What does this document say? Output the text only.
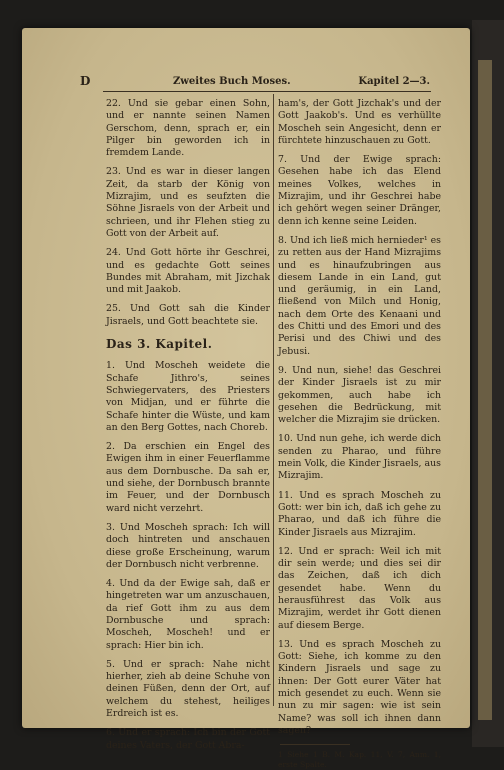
D	Zweites Buch Moses.	Kapitel 2—3.

22. Und sie gebar einen Sohn, und er nannte seinen Namen Gerschom, denn, sprach er, ein Pilger bin geworden ich in fremdem Lande.

23. Und es war in dieser langen Zeit, da starb der König von Mizrajim, und es seufzten die Söhne Jisraels von der Arbeit und schrieen, und ihr Flehen stieg zu Gott von der Arbeit auf.

24. Und Gott hörte ihr Geschrei, und es gedachte Gott seines Bundes mit Abraham, mit Jizchak und mit Jaakob.

25. Und Gott sah die Kinder Jisraels, und Gott beachtete sie.

Das 3. Kapitel.

1. Und Moscheh weidete die Schafe Jithro's, seines Schwiegervaters, des Priesters von Midjan, und er führte die Schafe hinter die Wüste, und kam an den Berg Gottes, nach Choreb.

2. Da erschien ein Engel des Ewigen ihm in einer Feuerflamme aus dem Dornbusche. Da sah er, und siehe, der Dornbusch brannte im Feuer, und der Dornbusch ward nicht verzehrt.

3. Und Moscheh sprach: Ich will doch hintreten und anschauen diese große Erscheinung, warum der Dornbusch nicht verbrenne.

4. Und da der Ewige sah, daß er hingetreten war um anzuschauen, da rief Gott ihm zu aus dem Dornbusche und sprach: Moscheh, Moscheh! und er sprach: Hier bin ich.

5. Und er sprach: Nahe nicht hierher, zieh ab deine Schuhe von deinen Füßen, denn der Ort, auf welchem du stehest, heiliges Erdreich ist es.

6. Und er sprach: Ich bin der Gott deines Vaters, der Gott Abra-

ham's, der Gott Jizchak's und der Gott Jaakob's. Und es verhüllte Moscheh sein Angesicht, denn er fürchtete hinzuschauen zu Gott.

7. Und der Ewige sprach: Gesehen habe ich das Elend meines Volkes, welches in Mizrajim, und ihr Geschrei habe ich gehört wegen seiner Dränger, denn ich kenne seine Leiden.

8. Und ich ließ mich hernieder¹ es zu retten aus der Hand Mizrajims und es hinaufzubringen aus diesem Lande in ein Land, gut und geräumig, in ein Land, fließend von Milch und Honig, nach dem Orte des Kenaani und des Chitti und des Emori und des Perisi und des Chiwi und des Jebusi.

9. Und nun, siehe! das Geschrei der Kinder Jisraels ist zu mir gekommen, auch habe ich gesehen die Bedrückung, mit welcher die Mizrajim sie drücken.

10. Und nun gehe, ich werde dich senden zu Pharao, und führe mein Volk, die Kinder Jisraels, aus Mizrajim.

11. Und es sprach Moscheh zu Gott: wer bin ich, daß ich gehe zu Pharao, und daß ich führe die Kinder Jisraels aus Mizrajim.

12. Und er sprach: Weil ich mit dir sein werde; und dies sei dir das Zeichen, daß ich dich gesendet habe. Wenn du herausführest das Volk aus Mizrajim, werdet ihr Gott dienen auf diesem Berge.

13. Und es sprach Moscheh zu Gott: Siehe, ich komme zu den Kindern Jisraels und sage zu ihnen: Der Gott eurer Väter hat mich gesendet zu euch. Wenn sie nun zu mir sagen: wie ist sein Name? was soll ich ihnen dann sagen?

1 Siehe 1 B. M. Kap. 11, V. 7, Anm. 1, erste Spalte.
